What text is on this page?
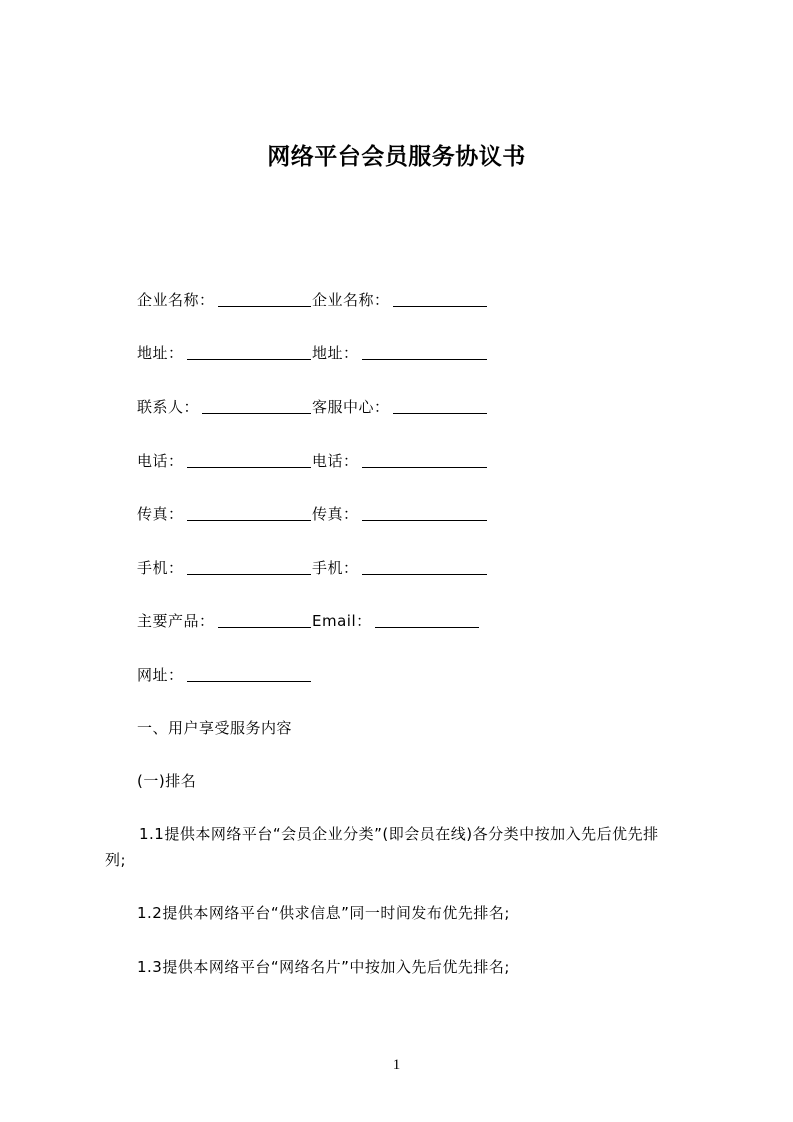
网络平台会员服务协议书
企业名称：	企业名称：
地址：	地址：
联系人：	客服中心：
电话：	电话：
传真：	传真：
手机：	手机：
主要产品：	Email：
网址：
一、用户享受服务内容
(一)排名
1.1提供本网络平台“会员企业分类”(即会员在线)各分类中按加入先后优先排
列;
1.2提供本网络平台“供求信息”同一时间发布优先排名;
1.3提供本网络平台“网络名片”中按加入先后优先排名;
1
